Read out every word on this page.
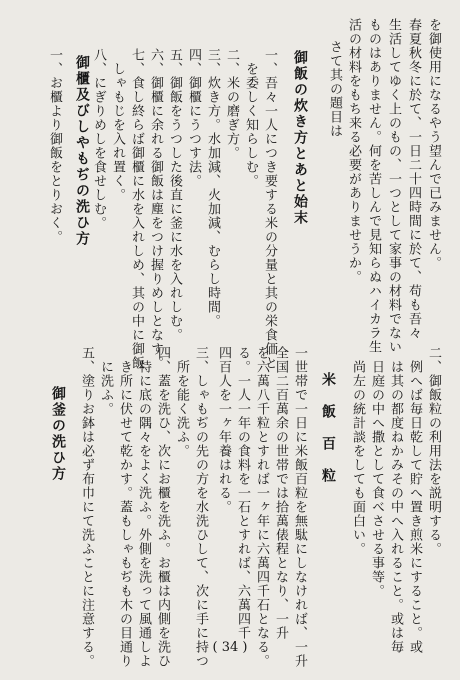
を御使用になるやう望んで已みません。
春夏秋冬に於て、一日二十四時間に於て、苟も吾々
生活してゆく上のもの、一つとして家事の材料でない
ものはありません。何を苦しんで見知らぬハイカラ生
活の材料をもち来る必要がありませうか。
さて其の題目は
御飯の炊き方とあと始末
一、吾々一人につき要する米の分量と其の栄食価と
　を委しく知らしむ。
二、米の磨ぎ方。
三、炊き方。水加減、火加減、むらし時間。
四、御櫃にうつす法。
五、御飯をうつした後直に釜に水を入れしむ。
六、御櫃に余れる御飯は塵をつけ握りめしとなす。
七、食し終らば御櫃に水を入れしめ、其の中に御飯
　しゃもじを入れ置く。
八、にぎりめしを食せしむ。
御櫃及びしやもぢの洗ひ方
一、お櫃より御飯をとりおく。
二、御飯粒の利用法を説明する。
　例へば毎日乾して貯へ置き煎米にすること。或
　は其の都度ねかみその中へ入れること。或は毎
　日庭の中へ撒として食べさせる事等。
　尚左の統計談をしても面白い。
米　飯　百　粒
一世帯で一日に米飯百粒を無駄にしなければ、一升
全国二百萬余の世帯では拾萬俵程となり、一升
を六萬八千粒とすれば一ヶ年に六萬四千石となる。
る。一人一年の食料を一石とすれば、六萬四千
四百人を一ヶ年養はれる。
三、しゃもぢの先の方を水洗ひして、次に手に持つ
　所を能く洗ふ。
四、蓋を洗ひ、次にお櫃を洗ふ。お櫃は内側を洗ひ
　特に底の隅々をよく洗ふ。外側を洗って風通しよ
　き所に伏せて乾かす。蓋もしゃもぢも木の目通り
　に洗ふ。
五、塗りお鉢は必ず布巾にて洗ふことに注意する。
御釜の洗ひ方
( 34 )
